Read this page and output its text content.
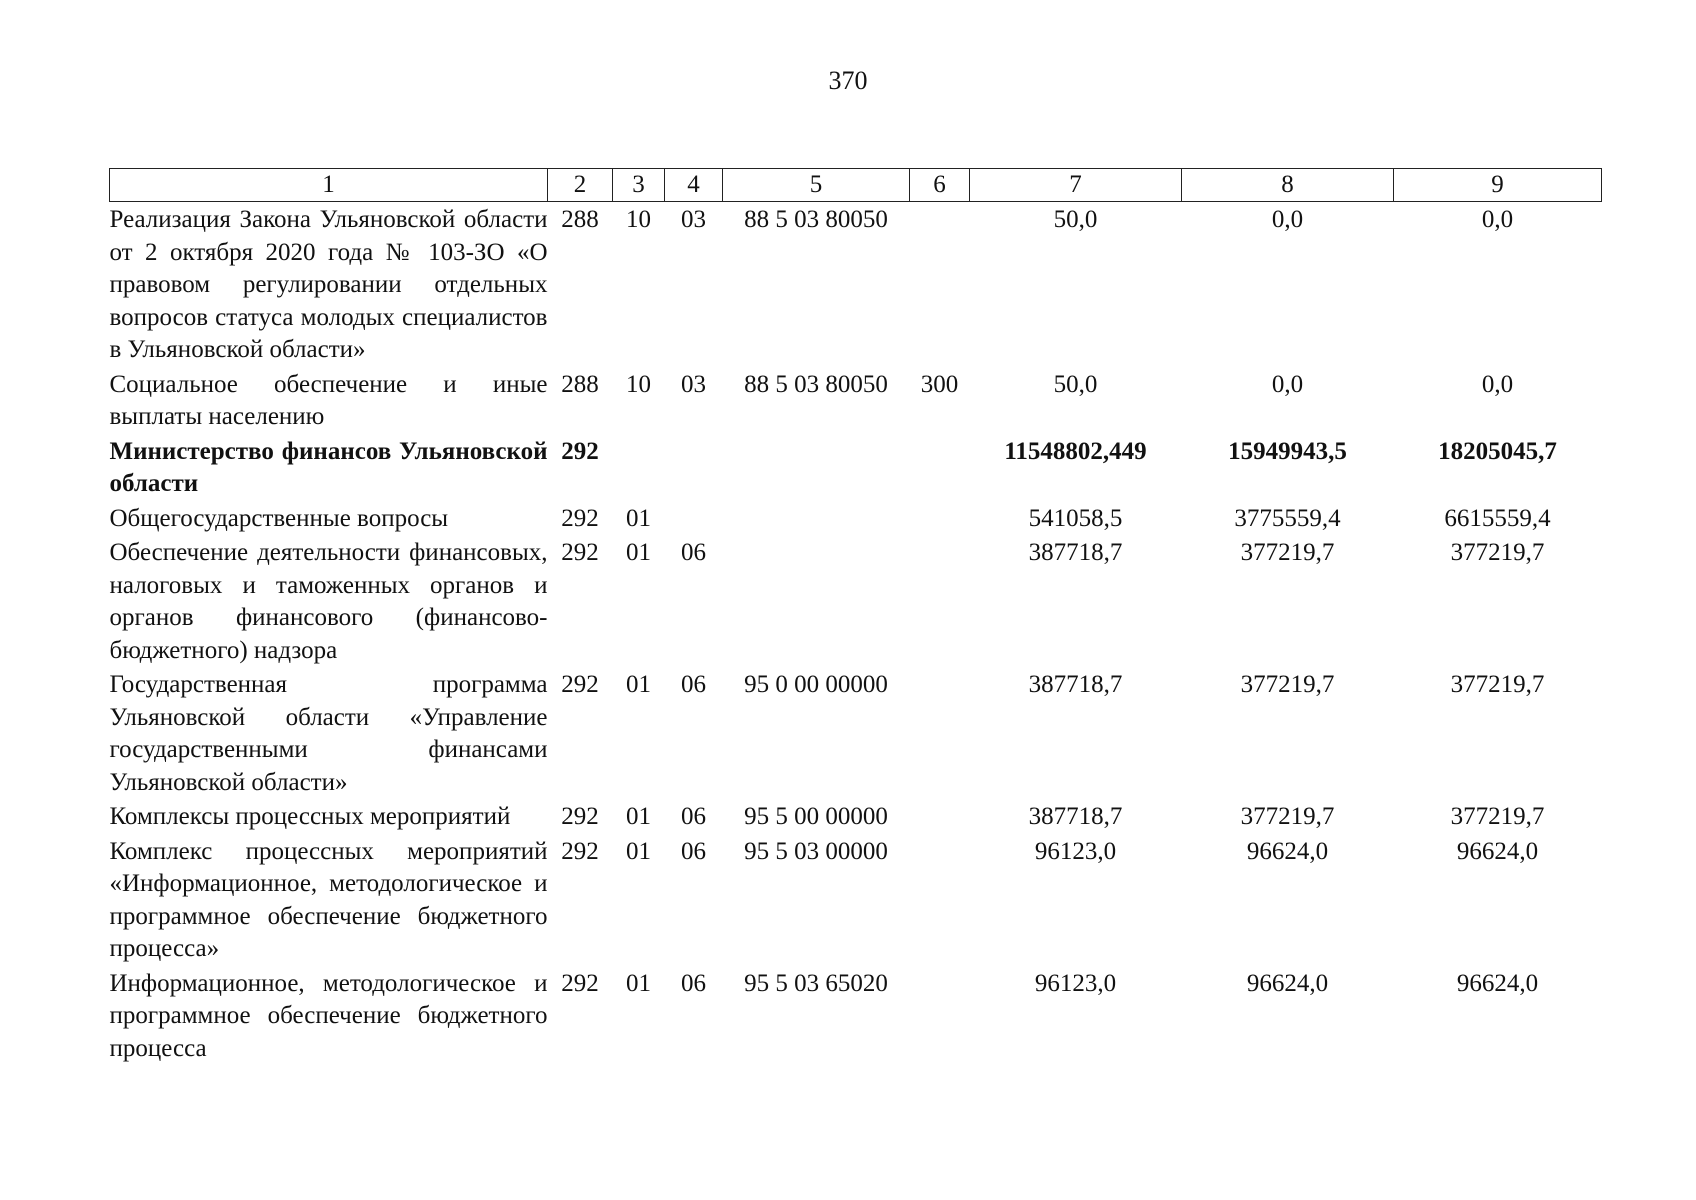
370
1	2	3	4	5	6	7	8	9
Реализация Закона Ульяновской области от 2 октября 2020 года № 103-ЗО «О правовом регулировании отдельных вопросов статуса молодых специалистов в Ульяновской области»	288	10	03	88 5 03 80050		50,0	0,0	0,0
Социальное обеспечение и иные выплаты населению	288	10	03	88 5 03 80050	300	50,0	0,0	0,0
Министерство финансов Ульяновской области	292					11548802,449	15949943,5	18205045,7
Общегосударственные вопросы	292	01				541058,5	3775559,4	6615559,4
Обеспечение деятельности финансовых, налоговых и таможенных органов и органов финансового (финансово-бюджетного) надзора	292	01	06			387718,7	377219,7	377219,7
Государственная программа Ульяновской области «Управление государственными финансами Ульяновской области»	292	01	06	95 0 00 00000		387718,7	377219,7	377219,7
Комплексы процессных мероприятий	292	01	06	95 5 00 00000		387718,7	377219,7	377219,7
Комплекс процессных мероприятий «Информационное, методологическое и программное обеспечение бюджетного процесса»	292	01	06	95 5 03 00000		96123,0	96624,0	96624,0
Информационное, методологическое и программное обеспечение бюджетного процесса	292	01	06	95 5 03 65020		96123,0	96624,0	96624,0
